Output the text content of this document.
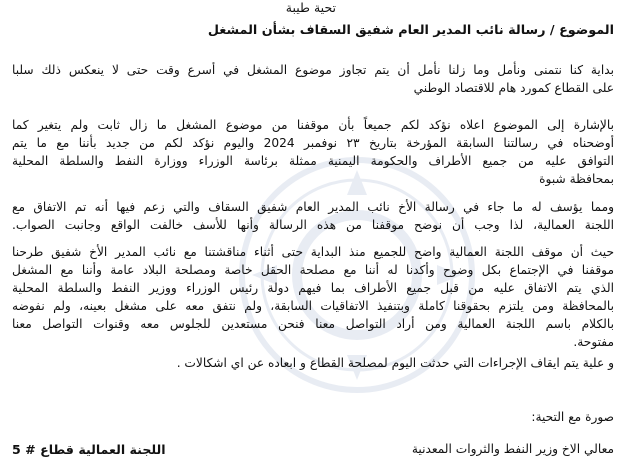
تحية طيبة
الموضوع / رسالة نائب المدير العام شفيق السقاف بشأن المشغل
بداية كنا نتمنى ونأمل وما زلنا نأمل أن يتم تجاوز موضوع المشغل في أسرع وقت حتى لا ينعكس ذلك سلبا
على القطاع كمورد هام للاقتصاد الوطني
بالإشارة إلى الموضوع اعلاه نؤكد لكم جميعاً بأن موقفنا من موضوع المشغل ما زال ثابت ولم يتغير كما
أوضحناه في رسالتنا السابقة المؤرخة بتاريخ ٢٣ نوفمبر 2024 واليوم نؤكد لكم من جديد بأننا مع ما يتم
التوافق عليه من جميع الأطراف والحكومة اليمنية ممثلة برئاسة الوزراء ووزارة النفط والسلطة المحلية
بمحافظة شبوة
ومما يؤسف له ما جاء في رسالة الأخ نائب المدير العام شفيق السقاف والتي زعم فيها أنه تم الاتفاق مع
اللجنة العمالية، لذا وجب أن نوضح موقفنا من هذه الرسالة وأنها للأسف خالفت الواقع وجانبت الصواب.
حيث أن موقف اللجنة العمالية واضح للجميع منذ البداية حتى أثناء مناقشتنا مع نائب المدير الأخ شفيق طرحنا
موقفنا في الإجتماع بكل وضوح وأكدنا له أننا مع مصلحة الحقل خاصة ومصلحة البلاد عامة وأننا مع المشغل
الذي يتم الاتفاق عليه من قبل جميع الأطراف بما فيهم دولة رئيس الوزراء ووزير النفط والسلطة المحلية
بالمحافظة ومن يلتزم بحقوقنا كاملة وبتنفيذ الاتفاقيات السابقة، ولم نتفق معه على مشغل بعينه، ولم نفوضه
بالكلام باسم اللجنة العمالية ومن أراد التواصل معنا فنحن مستعدين للجلوس معه وقنوات التواصل معنا
مفتوحة.
و علية يتم ايقاف الإجراءات التي حدثت اليوم لمصلحة القطاع و ابعاده عن اي اشكالات .
صورة مع التحية:
معالي الاخ وزير النفط والثروات المعدنية
اللجنة العمالية قطاع # 5
